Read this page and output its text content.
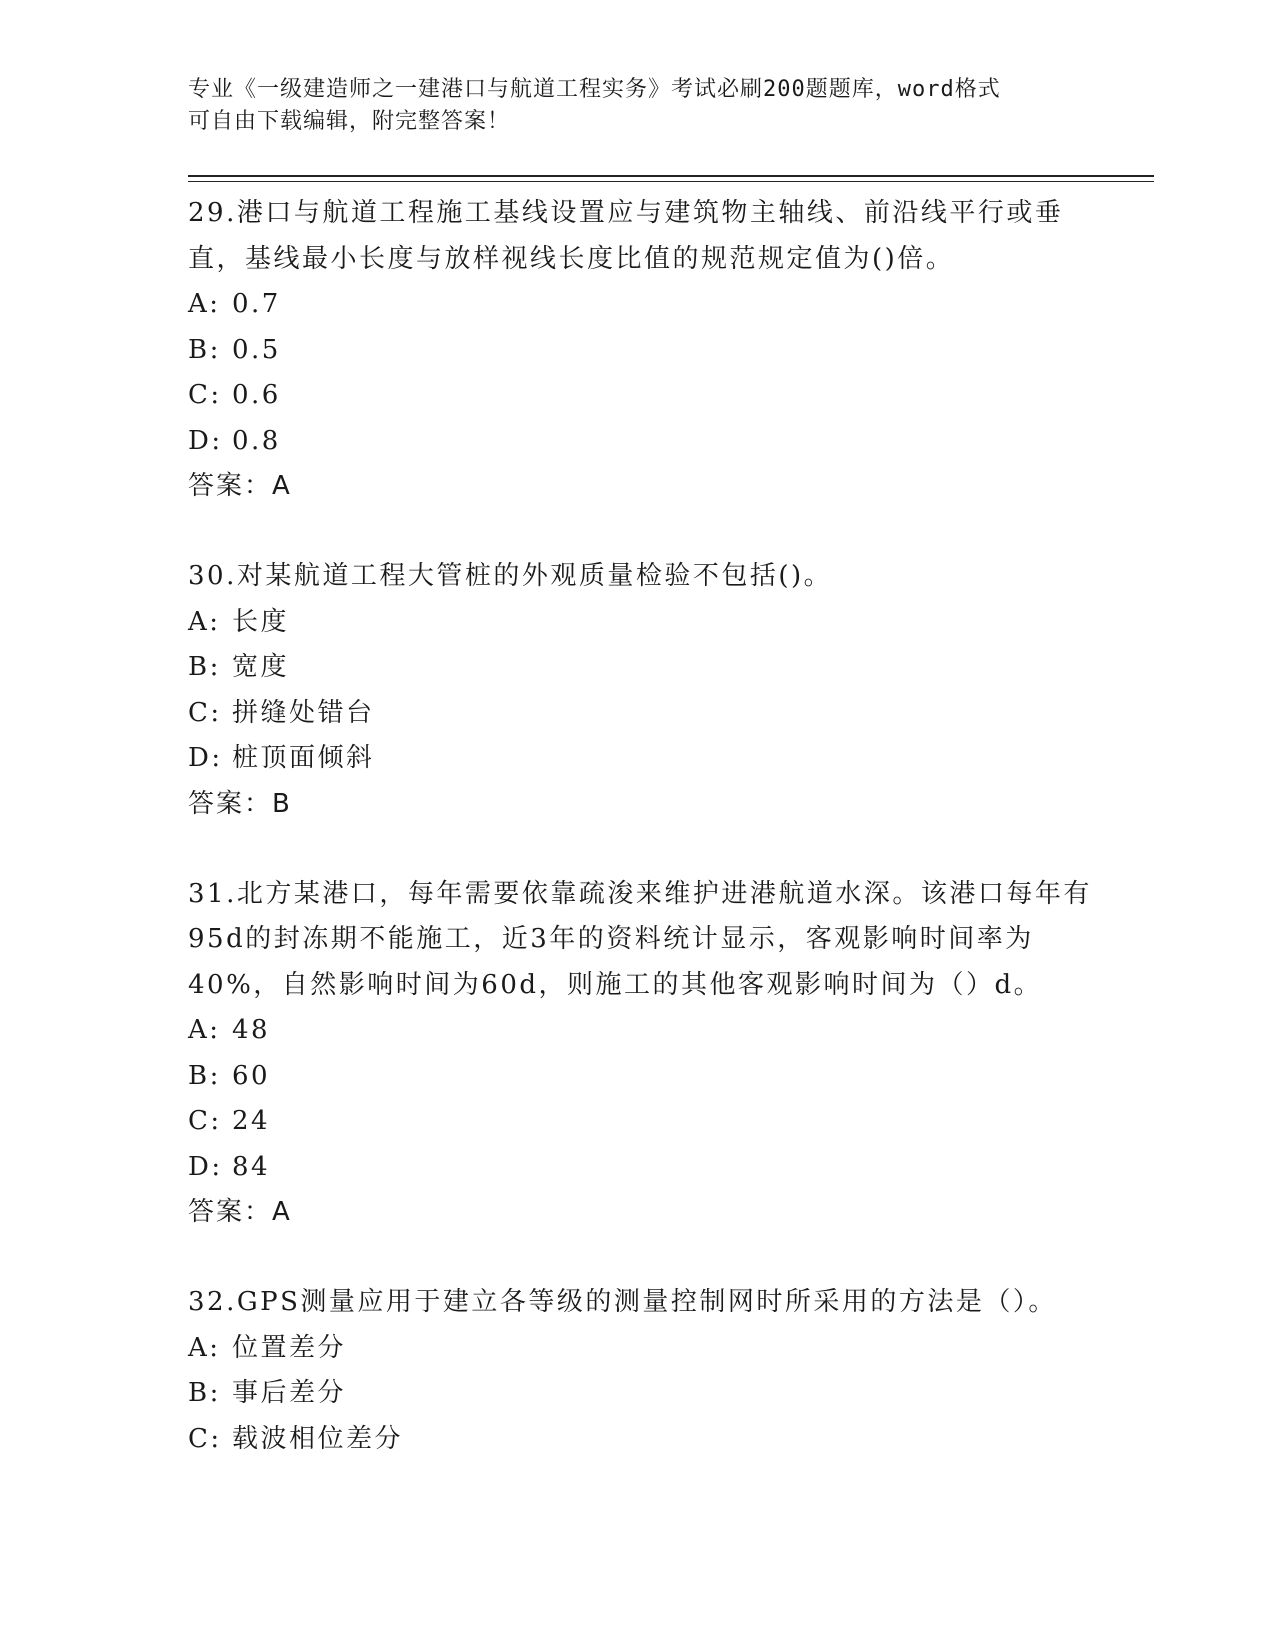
专业《一级建造师之一建港口与航道工程实务》考试必刷200题题库，word格式
可自由下载编辑，附完整答案！
29.港口与航道工程施工基线设置应与建筑物主轴线、前沿线平行或垂直，基线最小长度与放样视线长度比值的规范规定值为()倍。
A: 0.7
B: 0.5
C: 0.6
D: 0.8
答案：A
30.对某航道工程大管桩的外观质量检验不包括()。
A: 长度
B: 宽度
C: 拼缝处错台
D: 桩顶面倾斜
答案：B
31.北方某港口，每年需要依靠疏浚来维护进港航道水深。该港口每年有95d的封冻期不能施工，近3年的资料统计显示，客观影响时间率为40%，自然影响时间为60d，则施工的其他客观影响时间为（）d。
A: 48
B: 60
C: 24
D: 84
答案：A
32.GPS测量应用于建立各等级的测量控制网时所采用的方法是（）。
A: 位置差分
B: 事后差分
C: 载波相位差分
